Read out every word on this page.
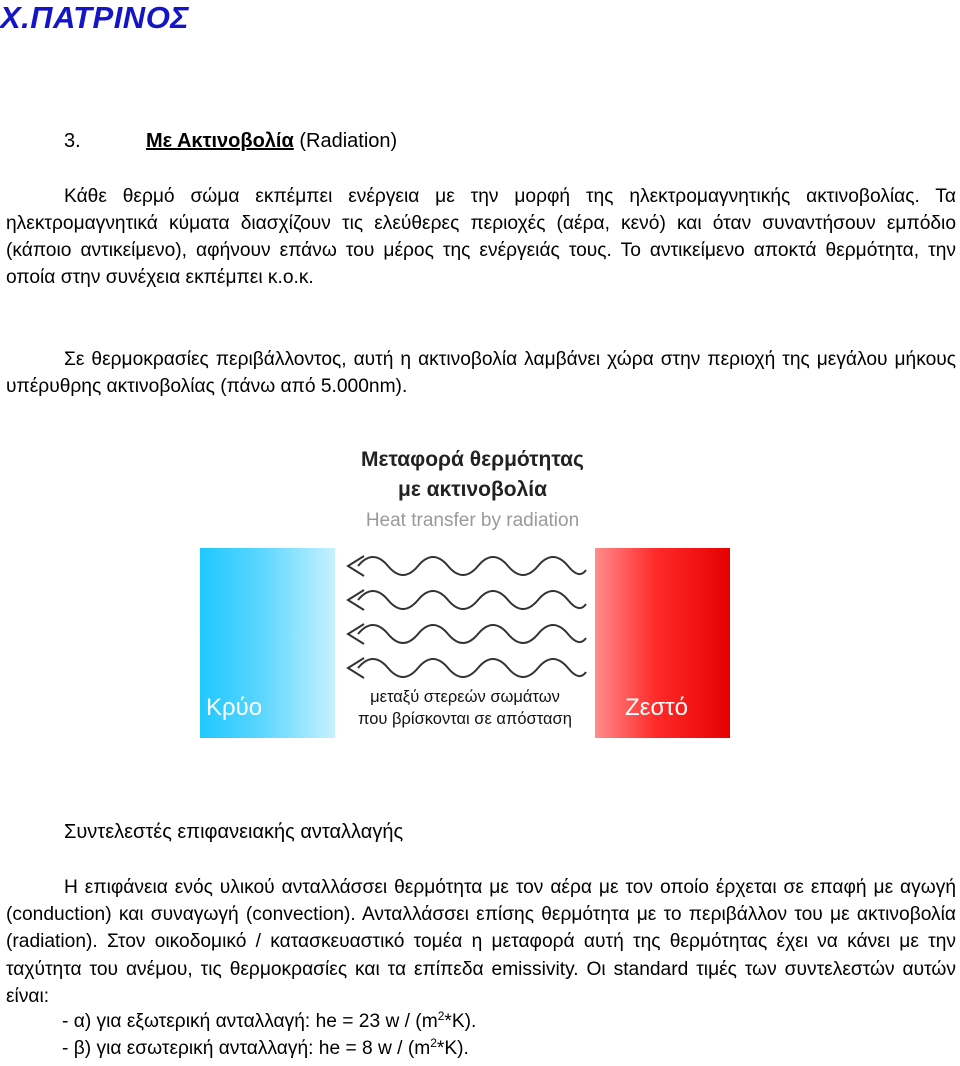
Χ.ΠΑΤΡΙΝΟΣ
3.	Με Ακτινοβολία (Radiation)
Κάθε θερμό σώμα εκπέμπει ενέργεια με την μορφή της ηλεκτρομαγνητικής ακτινοβολίας. Τα ηλεκτρομαγνητικά κύματα διασχίζουν τις ελεύθερες περιοχές (αέρα, κενό) και όταν συναντήσουν εμπόδιο (κάποιο αντικείμενο), αφήνουν επάνω του μέρος της ενέργειάς τους. Το αντικείμενο αποκτά θερμότητα, την οποία στην συνέχεια εκπέμπει κ.ο.κ.
Σε θερμοκρασίες περιβάλλοντος, αυτή η ακτινοβολία λαμβάνει χώρα στην περιοχή της μεγάλου μήκους υπέρυθρης ακτινοβολίας (πάνω από 5.000nm).
Μεταφορά θερμότητας
με ακτινοβολία
Heat transfer by radiation
Κρύο	Ζεστό
μεταξύ στερεών σωμάτων
που βρίσκονται σε απόσταση
Συντελεστές επιφανειακής ανταλλαγής
Η επιφάνεια ενός υλικού ανταλλάσσει θερμότητα με τον αέρα με τον οποίο έρχεται σε επαφή με αγωγή (conduction) και συναγωγή (convection). Ανταλλάσσει επίσης θερμότητα με το περιβάλλον του με ακτινοβολία (radiation). Στον οικοδομικό / κατασκευαστικό τομέα η μεταφορά αυτή της θερμότητας έχει να κάνει με την ταχύτητα του ανέμου, τις θερμοκρασίες και τα επίπεδα emissivity. Οι standard τιμές των συντελεστών αυτών είναι:
- α) για εξωτερική ανταλλαγή: he = 23 w / $(m^2*K)$.
- β) για εσωτερική ανταλλαγή: he = 8 w / $(m^2*K)$.
